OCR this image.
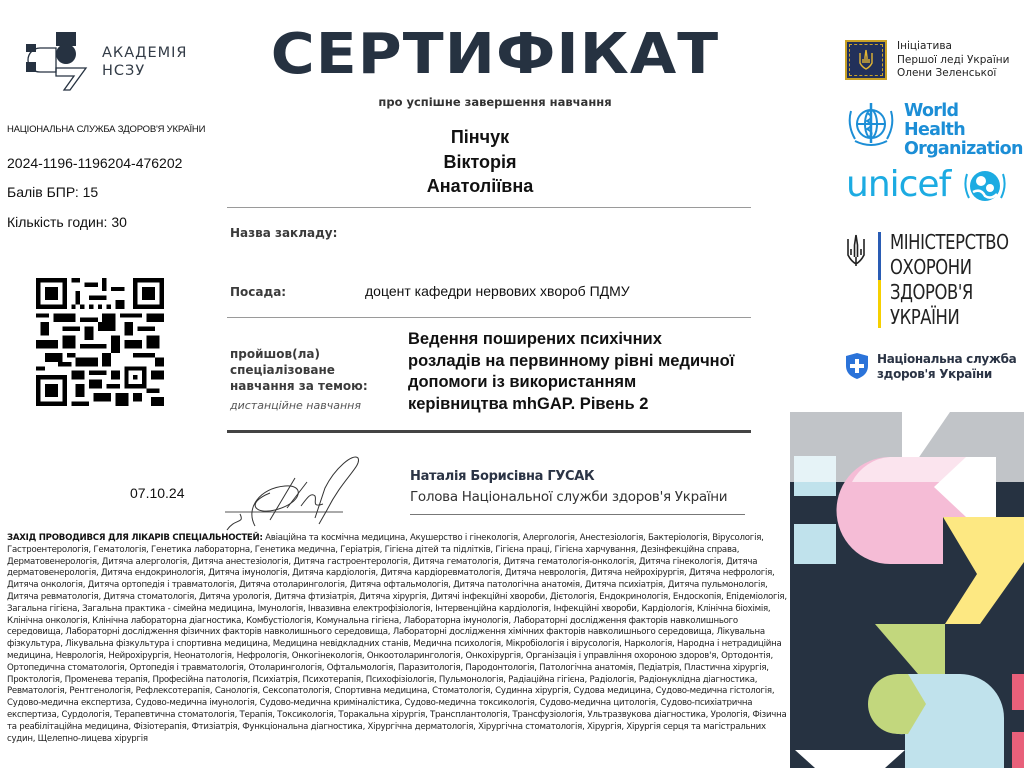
АКАДЕМІЯ
НСЗУ
НАЦІОНАЛЬНА СЛУЖБА ЗДОРОВ'Я УКРАЇНИ
2024-1196-1196204-476202
Балів БПР: 15
Кількість годин: 30
07.10.24
СЕРТИФІКАТ
про успішне завершення навчання
Пінчук
Вікторія
Анатоліївна
Назва закладу:
Посада:	доцент кафедри нервових хвороб ПДМУ
пройшов(ла)
спеціалізоване
навчання за темою:
дистанційне навчання
Ведення поширених психічних
розладів на первинному рівні медичної
допомоги із використанням
керівництва mhGAP. Рівень 2
Наталія Борисівна ГУСАК
Голова Національної служби здоров'я України
ЗАХІД ПРОВОДИВСЯ ДЛЯ ЛІКАРІВ СПЕЦІАЛЬНОСТЕЙ: Авіаційна та космічна медицина, Акушерство і гінекологія, Алергологія, Анестезіологія, Бактеріологія, Вірусологія, Гастроентерологія, Гематологія, Генетика лабораторна, Генетика медична, Геріатрія, Гігієна дітей та підлітків, Гігієна праці, Гігієна харчування, Дезінфекційна справа, Дерматовенерологія, Дитяча алергологія, Дитяча анестезіологія, Дитяча гастроентерологія, Дитяча гематологія, Дитяча гематологія-онкологія, Дитяча гінекологія, Дитяча дерматовенерологія, Дитяча ендокринологія, Дитяча імунологія, Дитяча кардіологія, Дитяча кардіоревматологія, Дитяча неврологія, Дитяча нейрохірургія, Дитяча нефрологія, Дитяча онкологія, Дитяча ортопедія і травматологія, Дитяча отоларингологія, Дитяча офтальмологія, Дитяча патологічна анатомія, Дитяча психіатрія, Дитяча пульмонологія, Дитяча ревматологія, Дитяча стоматологія, Дитяча урологія, Дитяча фтизіатрія, Дитяча хірургія, Дитячі інфекційні хвороби, Дієтологія, Ендокринологія, Ендоскопія, Епідеміологія, Загальна гігієна, Загальна практика - сімейна медицина, Імунологія, Інвазивна електрофізіологія, Інтервенційна кардіологія, Інфекційні хвороби, Кардіологія, Клінічна біохімія, Клінічна онкологія, Клінічна лабораторна діагностика, Комбустіологія, Комунальна гігієна, Лабораторна імунологія, Лабораторні дослідження факторів навколишнього середовища, Лабораторні дослідження фізичних факторів навколишнього середовища, Лабораторні дослідження хімічних факторів навколишнього середовища, Лікувальна фізкультура, Лікувальна фізкультура і спортивна медицина, Медицина невідкладних станів, Медична психологія, Мікробіологія і вірусологія, Наркологія, Народна і нетрадиційна медицина, Неврологія, Нейрохірургія, Неонатологія, Нефрологія, Онкогінекологія, Онкоотоларингологія, Онкохірургія, Організація і управління охороною здоров'я, Ортодонтія, Ортопедична стоматологія, Ортопедія і травматологія, Отоларингологія, Офтальмологія, Паразитологія, Пародонтологія, Патологічна анатомія, Педіатрія, Пластична хірургія, Проктологія, Променева терапія, Професійна патологія, Психіатрія, Психотерапія, Психофізіологія, Пульмонологія, Радіаційна гігієна, Радіологія, Радіонуклідна діагностика, Ревматологія, Рентгенологія, Рефлексотерапія, Санологія, Сексопатологія, Спортивна медицина, Стоматологія, Судинна хірургія, Судова медицина, Судово-медична гістологія, Судово-медична експертиза, Судово-медична імунологія, Судово-медична криміналістика, Судово-медична токсикологія, Судово-медична цитологія, Судово-психіатрична експертиза, Сурдологія, Терапевтична стоматологія, Терапія, Токсикологія, Торакальна хірургія, Трансплантологія, Трансфузіологія, Ультразвукова діагностика, Урологія, Фізична та реабілітаційна медицина, Фізіотерапія, Фтизіатрія, Функціональна діагностика, Хірургічна дерматологія, Хірургічна стоматологія, Хірургія, Хірургія серця та магістральних судин, Щелепно-лицева хірургія
Ініціатива
Першої леді України
Олени Зеленської
World Health
Organization
unicef
МІНІСТЕРСТВО
ОХОРОНИ
ЗДОРОВ'Я
УКРАЇНИ
Національна служба
здоров'я України
